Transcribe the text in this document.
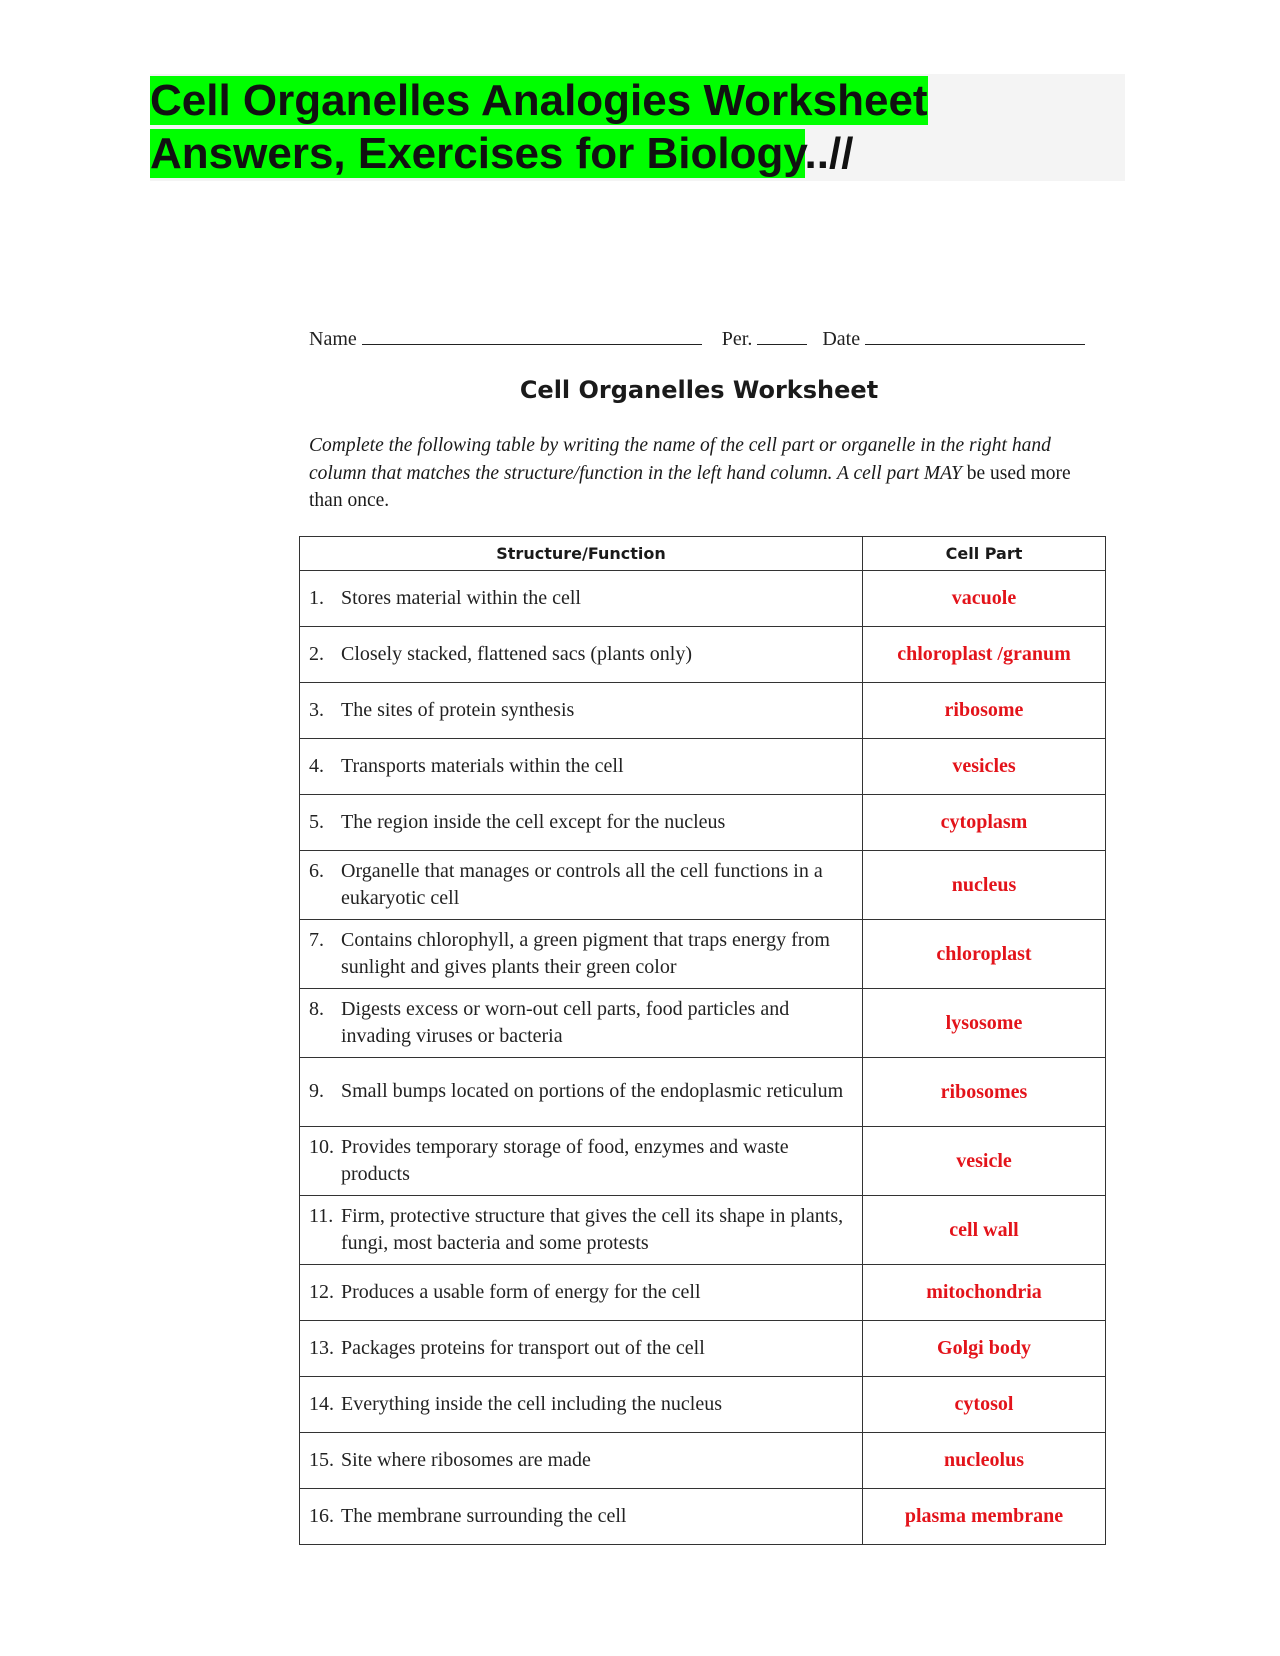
Cell Organelles Analogies Worksheet Answers, Exercises for Biology..//
Name	Per.	Date
Cell Organelles Worksheet
Complete the following table by writing the name of the cell part or organelle in the right hand column that matches the structure/function in the left hand column. A cell part MAY be used more than once.
Structure/Function	Cell Part

1. Stores material within the cell	vacuole

2. Closely stacked, flattened sacs (plants only)	chloroplast /granum

3. The sites of protein synthesis	ribosome

4. Transports materials within the cell	vesicles

5. The region inside the cell except for the nucleus	cytoplasm

6. Organelle that manages or controls all the cell functions in a eukaryotic cell	nucleus

7. Contains chlorophyll, a green pigment that traps energy from sunlight and gives plants their green color	chloroplast

8. Digests excess or worn-out cell parts, food particles and invading viruses or bacteria	lysosome

9. Small bumps located on portions of the endoplasmic reticulum	ribosomes

10. Provides temporary storage of food, enzymes and waste products	vesicle

11. Firm, protective structure that gives the cell its shape in plants, fungi, most bacteria and some protests	cell wall

12. Produces a usable form of energy for the cell	mitochondria

13. Packages proteins for transport out of the cell	Golgi body

14. Everything inside the cell including the nucleus	cytosol

15. Site where ribosomes are made	nucleolus

16. The membrane surrounding the cell	plasma membrane
